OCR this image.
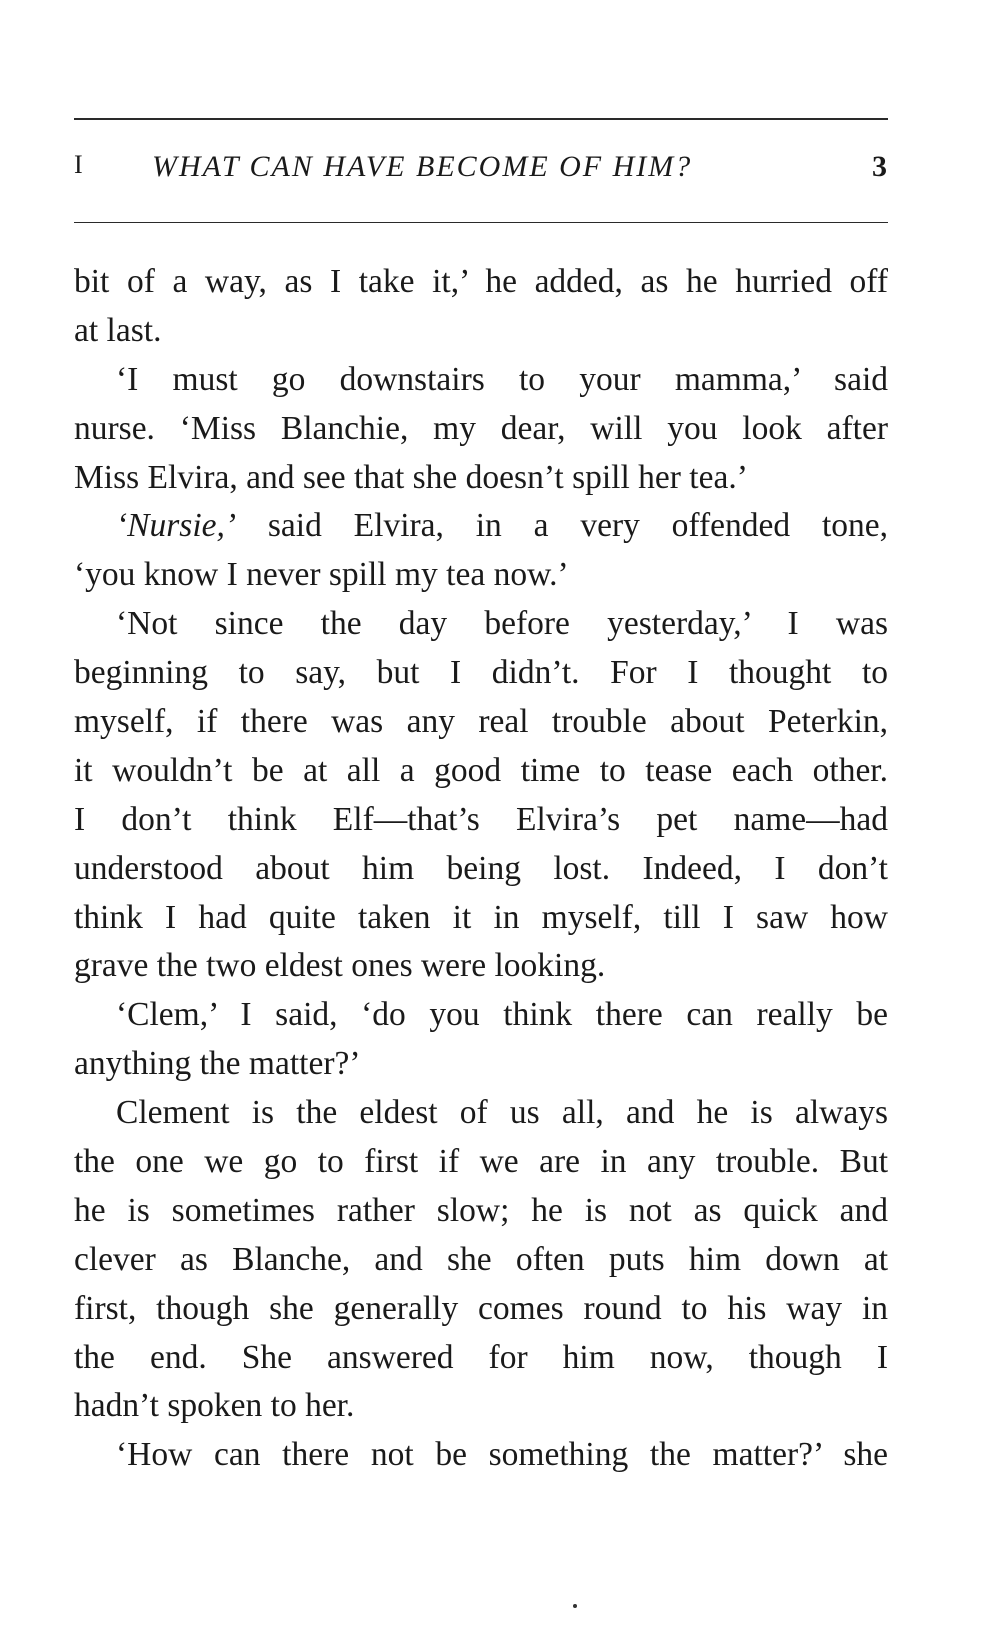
I WHAT CAN HAVE BECOME OF HIM?	3
bit of a way, as I take it,’ he added, as he hurried off
at last.
‘I must go downstairs to your mamma,’ said
nurse. ‘Miss Blanchie, my dear, will you look after
Miss Elvira, and see that she doesn’t spill her tea.’
‘Nursie,’ said Elvira, in a very offended tone,
‘you know I never spill my tea now.’
‘Not since the day before yesterday,’ I was
beginning to say, but I didn’t. For I thought to
myself, if there was any real trouble about Peterkin,
it wouldn’t be at all a good time to tease each other.
I don’t think Elf—that’s Elvira’s pet name—had
understood about him being lost. Indeed, I don’t
think I had quite taken it in myself, till I saw how
grave the two eldest ones were looking.
‘Clem,’ I said, ‘do you think there can really be
anything the matter?’
Clement is the eldest of us all, and he is always
the one we go to first if we are in any trouble. But
he is sometimes rather slow; he is not as quick and
clever as Blanche, and she often puts him down at
first, though she generally comes round to his way in
the end. She answered for him now, though I
hadn’t spoken to her.
‘How can there not be something the matter?’ she
